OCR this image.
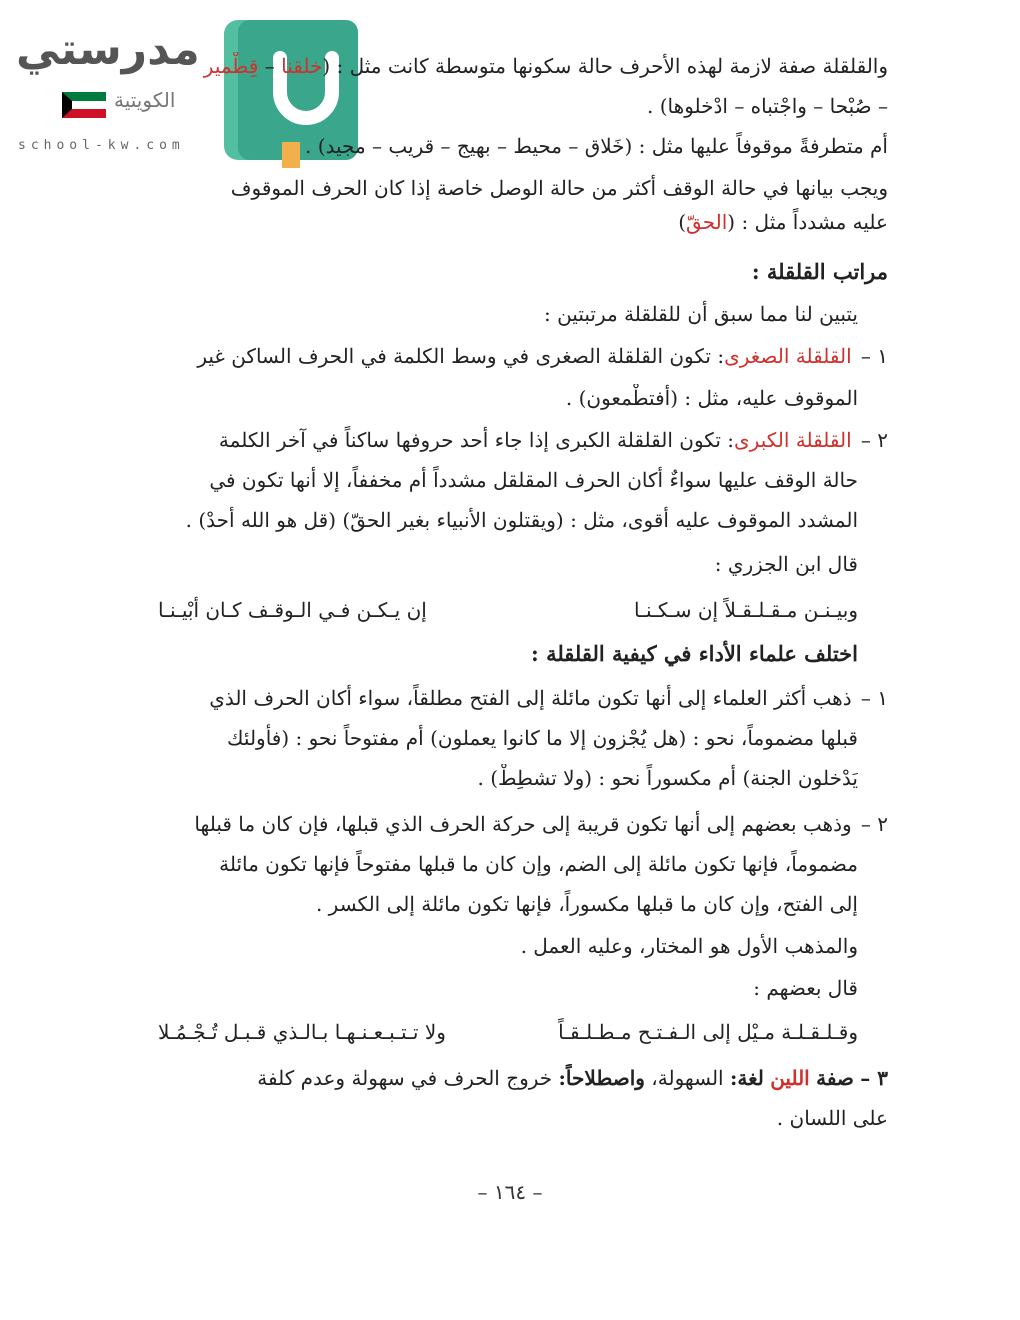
مدرستي
الكويتية
school-kw.com
والقلقلة صفة لازمة لهذه الأحرف حالة سكونها متوسطة كانت مثل : (خلقنا – قِطْمير
– صُبْحا – واجْتباه – ادْخلوها) .
أم متطرفةً موقوفاً عليها مثل : (خَلاق – محيط – بهيج – قريب – مجيد) .
ويجب بيانها في حالة الوقف أكثر من حالة الوصل خاصة إذا كان الحرف الموقوف
عليه مشدداً مثل : (الحقّ)
مراتب القلقلة :
يتبين لنا مما سبق أن للقلقلة مرتبتين :
١ – القلقلة الصغرى: تكون القلقلة الصغرى في وسط الكلمة في الحرف الساكن غير
الموقوف عليه، مثل : (أفتطْمعون) .
٢ – القلقلة الكبرى: تكون القلقلة الكبرى إذا جاء أحد حروفها ساكناً في آخر الكلمة
حالة الوقف عليها سواءٌ أكان الحرف المقلقل مشدداً أم مخففاً، إلا أنها تكون في
المشدد الموقوف عليه أقوى، مثل : (ويقتلون الأنبياء بغير الحقّ) (قل هو الله أحدْ) .
قال ابن الجزري :
وبيـنـن مـقـلـقـلاً إن سـكـنـا
إن يـكـن فـي الـوقـف كـان أبْيـنـا
اختلف علماء الأداء في كيفية القلقلة :
١ – ذهب أكثر العلماء إلى أنها تكون مائلة إلى الفتح مطلقاً، سواء أكان الحرف الذي
قبلها مضموماً، نحو : (هل يُجْزون إلا ما كانوا يعملون) أم مفتوحاً نحو : (فأولئك
يَدْخلون الجنة) أم مكسوراً نحو : (ولا تشطِطْ) .
٢ – وذهب بعضهم إلى أنها تكون قريبة إلى حركة الحرف الذي قبلها، فإن كان ما قبلها
مضموماً، فإنها تكون مائلة إلى الضم، وإن كان ما قبلها مفتوحاً فإنها تكون مائلة
إلى الفتح، وإن كان ما قبلها مكسوراً، فإنها تكون مائلة إلى الكسر .
والمذهب الأول هو المختار، وعليه العمل .
قال بعضهم :
وقـلـقـلـة مـيْل إلى الـفـتـح مـطـلـقـاً
ولا تـتـبـعـنـهـا بـالـذي قـبـل تُـجْـمُـلا
٣ – صفة اللين لغة: السهولة، واصطلاحاً: خروج الحرف في سهولة وعدم كلفة
على اللسان .
– ١٦٤ –
